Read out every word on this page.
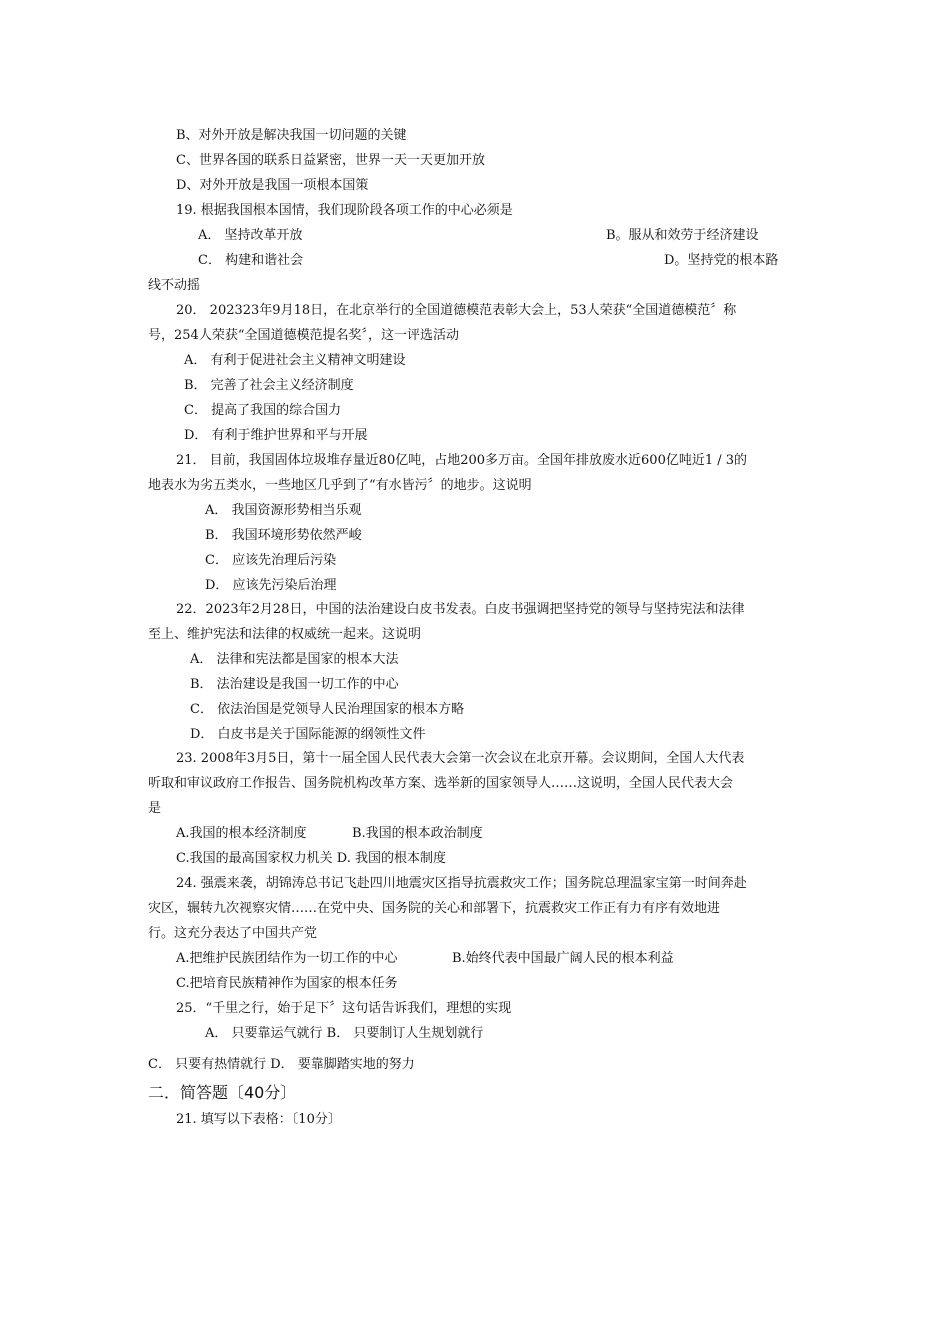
B、对外开放是解决我国一切问题的关键
C、世界各国的联系日益紧密，世界一天一天更加开放
D、对外开放是我国一项根本国策
19. 根据我国根本国情，我们现阶段各项工作的中心必须是
A． 坚持改革开放	B。服从和效劳于经济建设
C． 构建和谐社会	D。坚持党的根本路
线不动摇
20． 202323年9月18日，在北京举行的全国道德模范表彰大会上，53人荣获“全国道德模范〞称
号，254人荣获“全国道德模范提名奖〞，这一评选活动
A． 有利于促进社会主义精神文明建设
B． 完善了社会主义经济制度
C． 提高了我国的综合国力
D． 有利于维护世界和平与开展
21． 目前，我国固体垃圾堆存量近80亿吨，占地200多万亩。全国年排放废水近600亿吨近1 / 3的
地表水为劣五类水，一些地区几乎到了“有水皆污〞的地步。这说明
A． 我国资源形势相当乐观
B． 我国环境形势依然严峻
C． 应该先治理后污染
D． 应该先污染后治理
22．2023年2月28日，中国的法治建设白皮书发表。白皮书强调把坚持党的领导与坚持宪法和法律
至上、维护宪法和法律的权威统一起来。这说明
A． 法律和宪法都是国家的根本大法
B． 法治建设是我国一切工作的中心
C． 依法治国是党领导人民治理国家的根本方略
D． 白皮书是关于国际能源的纲领性文件
23. 2008年3月5日，第十一届全国人民代表大会第一次会议在北京开幕。会议期间，全国人大代表
听取和审议政府工作报告、国务院机构改革方案、选举新的国家领导人……这说明，全国人民代表大会
是
A.我国的根本经济制度	B.我国的根本政治制度
C.我国的最高国家权力机关 D. 我国的根本制度
24. 强震来袭，胡锦涛总书记飞赴四川地震灾区指导抗震救灾工作；国务院总理温家宝第一时间奔赴
灾区，辗转九次视察灾情……在党中央、国务院的关心和部署下，抗震救灾工作正有力有序有效地进
行。这充分表达了中国共产党
A.把维护民族团结作为一切工作的中心	B.始终代表中国最广阔人民的根本利益
C.把培育民族精神作为国家的根本任务
25．“千里之行，始于足下〞这句话告诉我们，理想的实现
A． 只要靠运气就行 B． 只要制订人生规划就行
C． 只要有热情就行 D． 要靠脚踏实地的努力
二．简答题〔40分〕
21. 填写以下表格：〔10分〕
